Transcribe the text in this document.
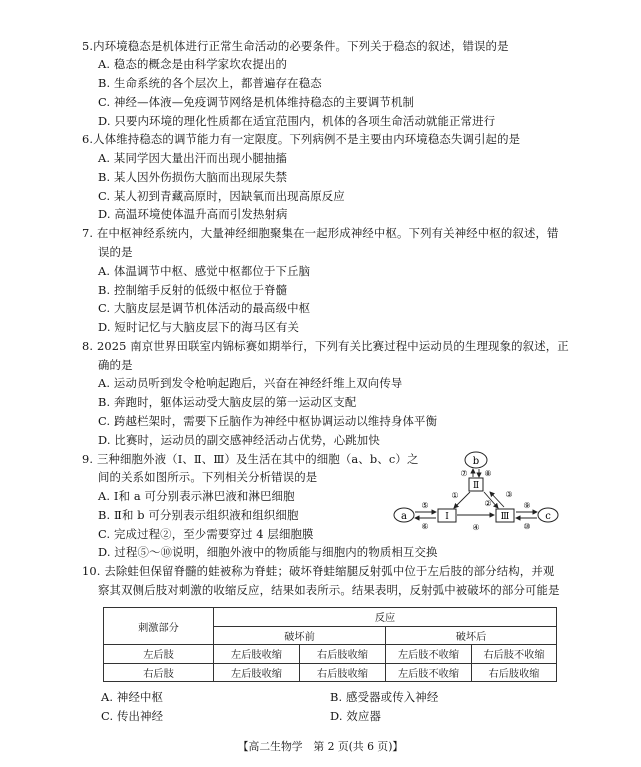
5.内环境稳态是机体进行正常生命活动的必要条件。下列关于稳态的叙述，错误的是
A. 稳态的概念是由科学家坎农提出的
B. 生命系统的各个层次上，都普遍存在稳态
C. 神经—体液—免疫调节网络是机体维持稳态的主要调节机制
D. 只要内环境的理化性质都在适宜范围内，机体的各项生命活动就能正常进行
6.人体维持稳态的调节能力有一定限度。下列病例不是主要由内环境稳态失调引起的是
A. 某同学因大量出汗而出现小腿抽搐
B. 某人因外伤损伤大脑而出现尿失禁
C. 某人初到青藏高原时，因缺氧而出现高原反应
D. 高温环境使体温升高而引发热射病
7. 在中枢神经系统内，大量神经细胞聚集在一起形成神经中枢。下列有关神经中枢的叙述，错
误的是
A. 体温调节中枢、感觉中枢都位于下丘脑
B. 控制缩手反射的低级中枢位于脊髓
C. 大脑皮层是调节机体活动的最高级中枢
D. 短时记忆与大脑皮层下的海马区有关
8. 2025 南京世界田联室内锦标赛如期举行，下列有关比赛过程中运动员的生理现象的叙述，正
确的是
A. 运动员听到发令枪响起跑后，兴奋在神经纤维上双向传导
B. 奔跑时，躯体运动受大脑皮层的第一运动区支配
C. 跨越栏架时，需要下丘脑作为神经中枢协调运动以维持身体平衡
D. 比赛时，运动员的副交感神经活动占优势，心跳加快
9. 三种细胞外液（Ⅰ、Ⅱ、Ⅲ）及生活在其中的细胞（a、b、c）之
间的关系如图所示。下列相关分析错误的是
A. Ⅰ和 a 可分别表示淋巴液和淋巴细胞
B. Ⅱ和 b 可分别表示组织液和组织细胞
C. 完成过程②，至少需要穿过 4 层细胞膜
D. 过程⑤～⑩说明，细胞外液中的物质能与细胞内的物质相互交换
b
Ⅱ
Ⅰ	Ⅲ
a	c
⑦ ⑧
①
②
③
④
⑤
⑥
⑨
⑩
10. 去除蛙但保留脊髓的蛙被称为脊蛙；破坏脊蛙缩腿反射弧中位于左后肢的部分结构，并观
察其双侧后肢对刺激的收缩反应，结果如表所示。结果表明，反射弧中被破坏的部分可能是
刺激部分	反应			
	破坏前		破坏后	
左后肢	左后肢收缩	右后肢收缩	左后肢不收缩	右后肢不收缩
右后肢	左后肢收缩	右后肢收缩	左后肢不收缩	右后肢收缩
A. 神经中枢	B. 感受器或传入神经
C. 传出神经	D. 效应器
【高二生物学　第 2 页(共 6 页)】
